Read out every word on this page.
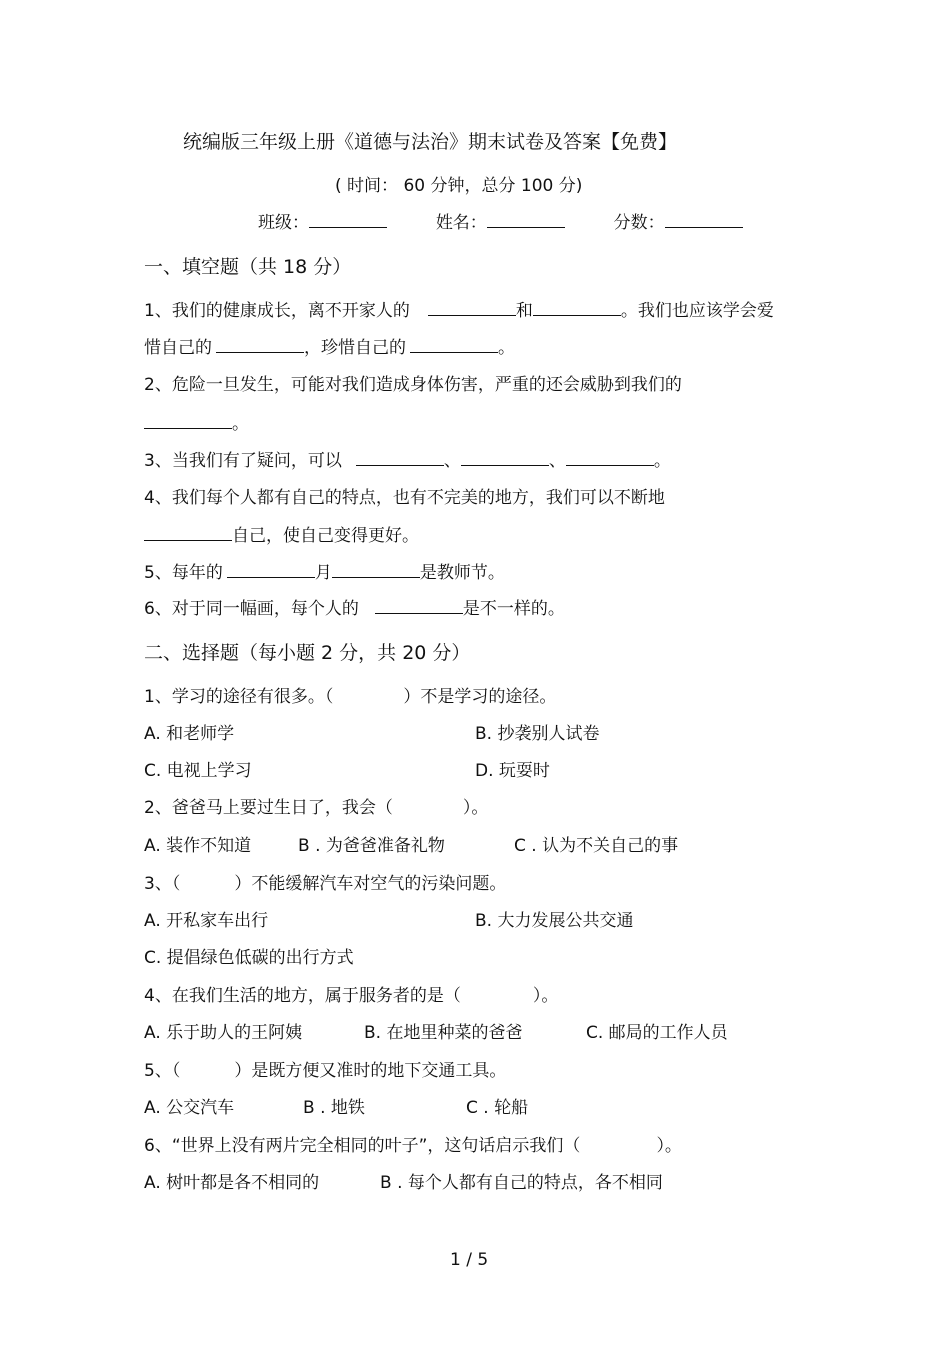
统编版三年级上册《道德与法治》期末试卷及答案【免费】
( 时间： 60 分钟，总分 100 分)
班级：	姓名：	分数：
一、填空题（共 18 分）
1、我们的健康成长，离不开家人的	和	。我们也应该学会爱
惜自己的	，珍惜自己的	。
2、危险一旦发生，可能对我们造成身体伤害，严重的还会威胁到我们的
。
3、当我们有了疑问，可以	、	、	。
4、我们每个人都有自己的特点，也有不完美的地方，我们可以不断地
自己，使自己变得更好。
5、每年的	月	是教师节。
6、对于同一幅画，每个人的	是不一样的。
二、选择题（每小题 2 分，共 20 分）
1、学习的途径有很多。（	）不是学习的途径。
A. 和老师学	B. 抄袭别人试卷
C. 电视上学习	D. 玩耍时
2、爸爸马上要过生日了，我会（	）。
A. 装作不知道	B . 为爸爸准备礼物	C . 认为不关自己的事
3、（	）不能缓解汽车对空气的污染问题。
A. 开私家车出行	B. 大力发展公共交通
C. 提倡绿色低碳的出行方式
4、在我们生活的地方，属于服务者的是（	）。
A. 乐于助人的王阿姨	B. 在地里种菜的爸爸	C. 邮局的工作人员
5、（	）是既方便又准时的地下交通工具。
A. 公交汽车	B . 地铁	C . 轮船
6、“世界上没有两片完全相同的叶子”，这句话启示我们（	）。
A. 树叶都是各不相同的	B . 每个人都有自己的特点，各不相同
1 / 5
